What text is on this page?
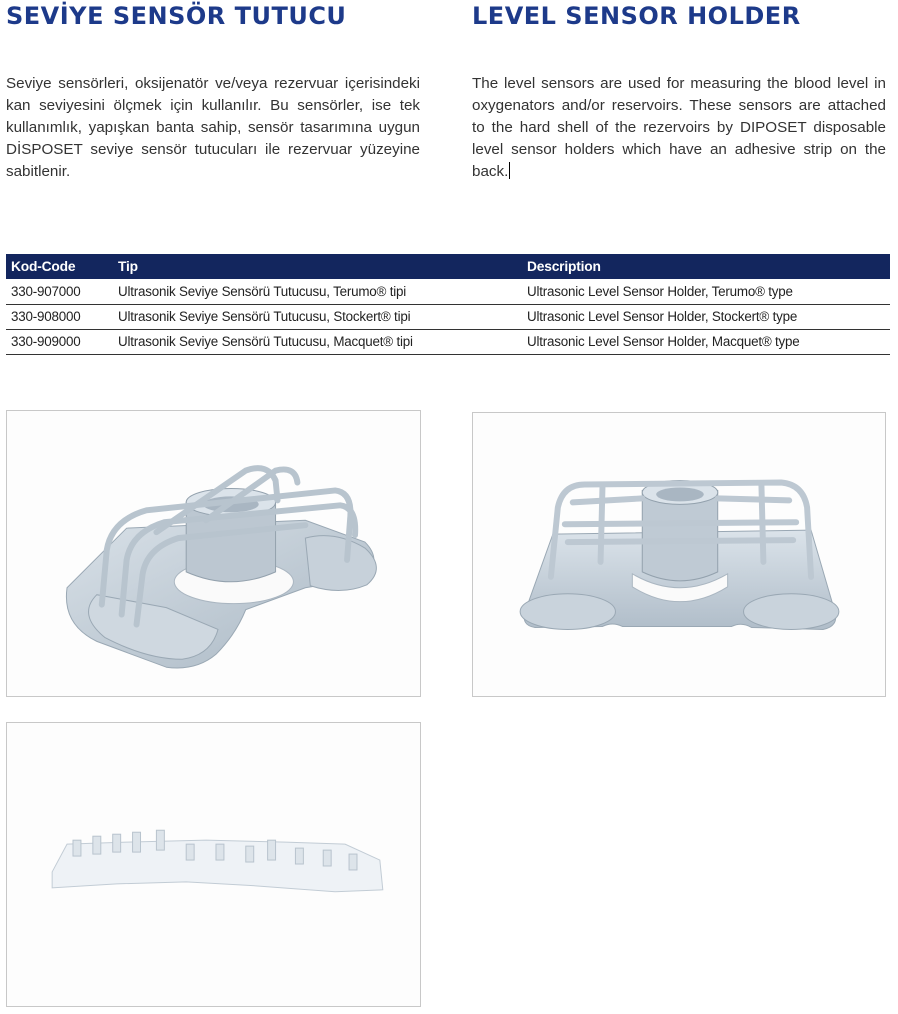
SEVİYE SENSÖR TUTUCU	LEVEL SENSOR HOLDER

Seviye sensörleri, oksijenatör ve/veya rezervuar içerisindeki kan seviyesini ölçmek için kullanılır. Bu sensörler, ise tek kullanımlık, yapışkan banta sahip, sensör tasarımına uygun DİSPOSET seviye sensör tutucuları ile rezervuar yüzeyine sabitlenir.

The level sensors are used for measuring the blood level in oxygenators and/or reservoirs. These sensors are attached to the hard shell of the rezervoirs by DIPOSET disposable level sensor holders which have an adhesive strip on the back.

Kod-Code	Tip	Description
330-907000	Ultrasonik Seviye Sensörü Tutucusu, Terumo® tipi	Ultrasonic Level Sensor Holder, Terumo® type
330-908000	Ultrasonik Seviye Sensörü Tutucusu, Stockert® tipi	Ultrasonic Level Sensor Holder, Stockert® type
330-909000	Ultrasonik Seviye Sensörü Tutucusu, Macquet® tipi	Ultrasonic Level Sensor Holder, Macquet® type
